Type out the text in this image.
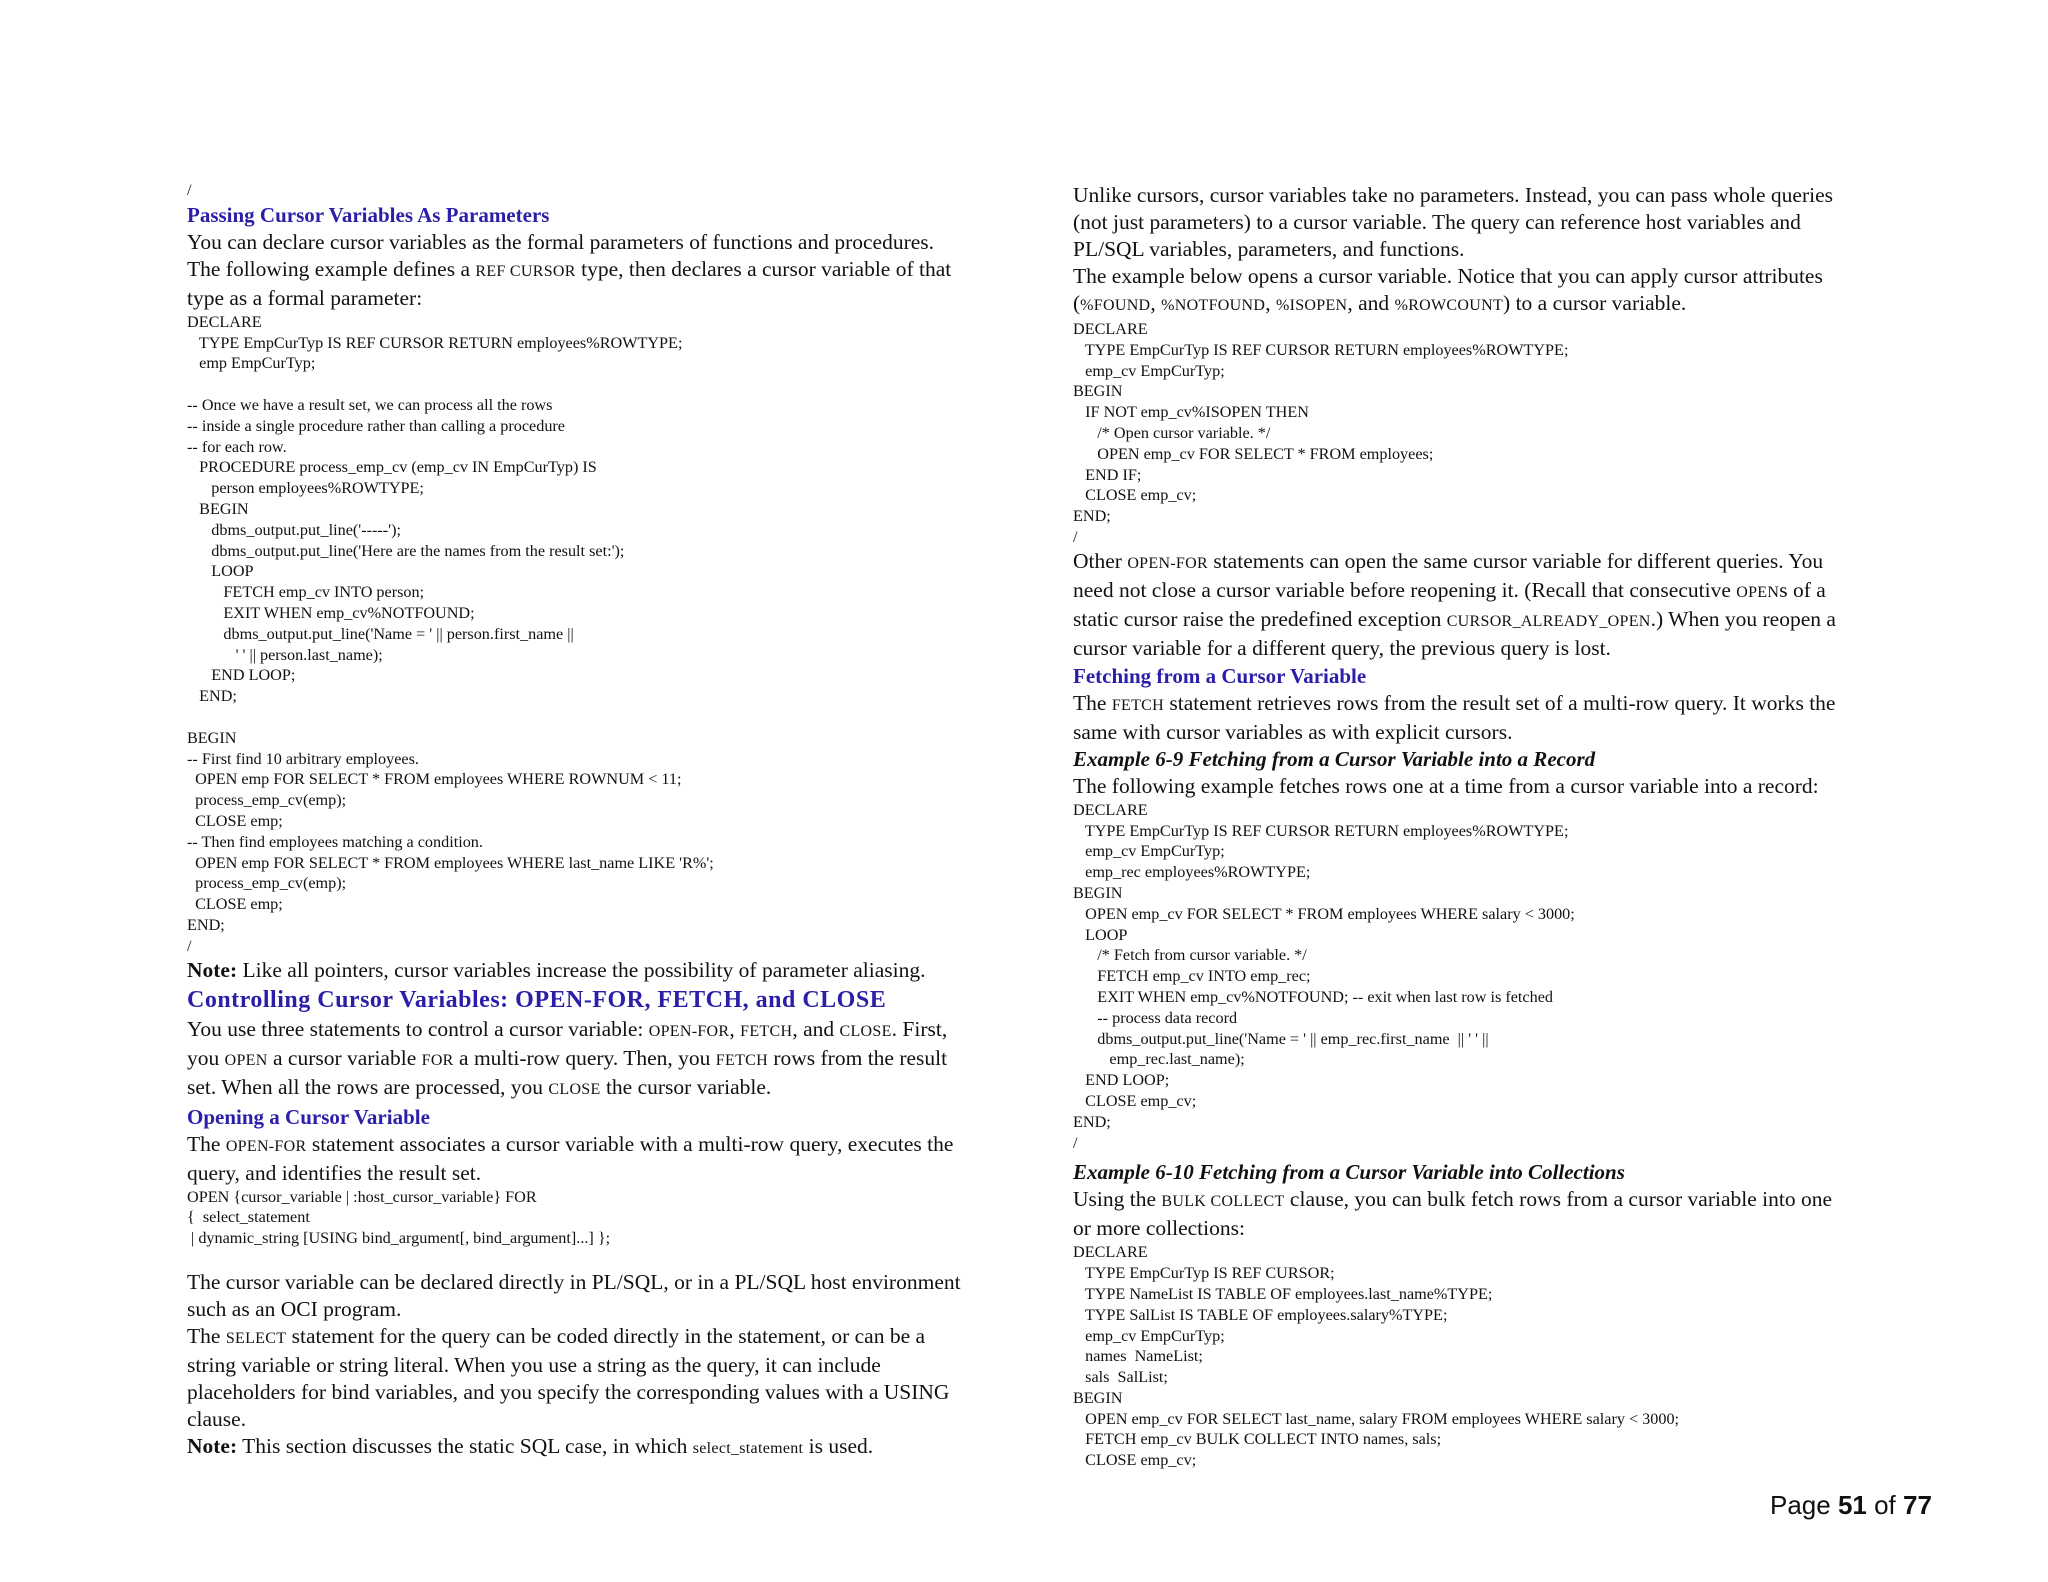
/

Passing Cursor Variables As Parameters

You can declare cursor variables as the formal parameters of functions and procedures.
The following example defines a REF CURSOR type, then declares a cursor variable of that
type as a formal parameter:

DECLARE
TYPE EmpCurTyp IS REF CURSOR RETURN employees%ROWTYPE;
emp EmpCurTyp;

-- Once we have a result set, we can process all the rows
-- inside a single procedure rather than calling a procedure
-- for each row.
PROCEDURE process_emp_cv (emp_cv IN EmpCurTyp) IS
person employees%ROWTYPE;
BEGIN
dbms_output.put_line('-----');
dbms_output.put_line('Here are the names from the result set:');
LOOP
FETCH emp_cv INTO person;
EXIT WHEN emp_cv%NOTFOUND;
dbms_output.put_line('Name = ' || person.first_name ||
' ' || person.last_name);
END LOOP;
END;

BEGIN
-- First find 10 arbitrary employees.
OPEN emp FOR SELECT * FROM employees WHERE ROWNUM < 11;
process_emp_cv(emp);
CLOSE emp;
-- Then find employees matching a condition.
OPEN emp FOR SELECT * FROM employees WHERE last_name LIKE 'R%';
process_emp_cv(emp);
CLOSE emp;
END;
/

Note: Like all pointers, cursor variables increase the possibility of parameter aliasing.

Controlling Cursor Variables: OPEN-FOR, FETCH, and CLOSE

You use three statements to control a cursor variable: OPEN-FOR, FETCH, and CLOSE. First,
you OPEN a cursor variable FOR a multi-row query. Then, you FETCH rows from the result
set. When all the rows are processed, you CLOSE the cursor variable.

Opening a Cursor Variable

The OPEN-FOR statement associates a cursor variable with a multi-row query, executes the
query, and identifies the result set.

OPEN {cursor_variable | :host_cursor_variable} FOR
{  select_statement
| dynamic_string [USING bind_argument[, bind_argument]...] };

The cursor variable can be declared directly in PL/SQL, or in a PL/SQL host environment
such as an OCI program.
The SELECT statement for the query can be coded directly in the statement, or can be a
string variable or string literal. When you use a string as the query, it can include
placeholders for bind variables, and you specify the corresponding values with a USING
clause.

Note: This section discusses the static SQL case, in which select_statement is used.

Unlike cursors, cursor variables take no parameters. Instead, you can pass whole queries
(not just parameters) to a cursor variable. The query can reference host variables and
PL/SQL variables, parameters, and functions.
The example below opens a cursor variable. Notice that you can apply cursor attributes
(%FOUND, %NOTFOUND, %ISOPEN, and %ROWCOUNT) to a cursor variable.

DECLARE
TYPE EmpCurTyp IS REF CURSOR RETURN employees%ROWTYPE;
emp_cv EmpCurTyp;
BEGIN
IF NOT emp_cv%ISOPEN THEN
/* Open cursor variable. */
OPEN emp_cv FOR SELECT * FROM employees;
END IF;
CLOSE emp_cv;
END;
/

Other OPEN-FOR statements can open the same cursor variable for different queries. You
need not close a cursor variable before reopening it. (Recall that consecutive OPENs of a
static cursor raise the predefined exception CURSOR_ALREADY_OPEN.) When you reopen a
cursor variable for a different query, the previous query is lost.

Fetching from a Cursor Variable

The FETCH statement retrieves rows from the result set of a multi-row query. It works the
same with cursor variables as with explicit cursors.

Example 6-9 Fetching from a Cursor Variable into a Record

The following example fetches rows one at a time from a cursor variable into a record:

DECLARE
TYPE EmpCurTyp IS REF CURSOR RETURN employees%ROWTYPE;
emp_cv EmpCurTyp;
emp_rec employees%ROWTYPE;
BEGIN
OPEN emp_cv FOR SELECT * FROM employees WHERE salary < 3000;
LOOP
/* Fetch from cursor variable. */
FETCH emp_cv INTO emp_rec;
EXIT WHEN emp_cv%NOTFOUND; -- exit when last row is fetched
-- process data record
dbms_output.put_line('Name = ' || emp_rec.first_name  || ' ' ||
emp_rec.last_name);
END LOOP;
CLOSE emp_cv;
END;
/

Example 6-10 Fetching from a Cursor Variable into Collections

Using the BULK COLLECT clause, you can bulk fetch rows from a cursor variable into one
or more collections:

DECLARE
TYPE EmpCurTyp IS REF CURSOR;
TYPE NameList IS TABLE OF employees.last_name%TYPE;
TYPE SalList IS TABLE OF employees.salary%TYPE;
emp_cv EmpCurTyp;
names  NameList;
sals  SalList;
BEGIN
OPEN emp_cv FOR SELECT last_name, salary FROM employees WHERE salary < 3000;
FETCH emp_cv BULK COLLECT INTO names, sals;
CLOSE emp_cv;
Page 51 of 77
